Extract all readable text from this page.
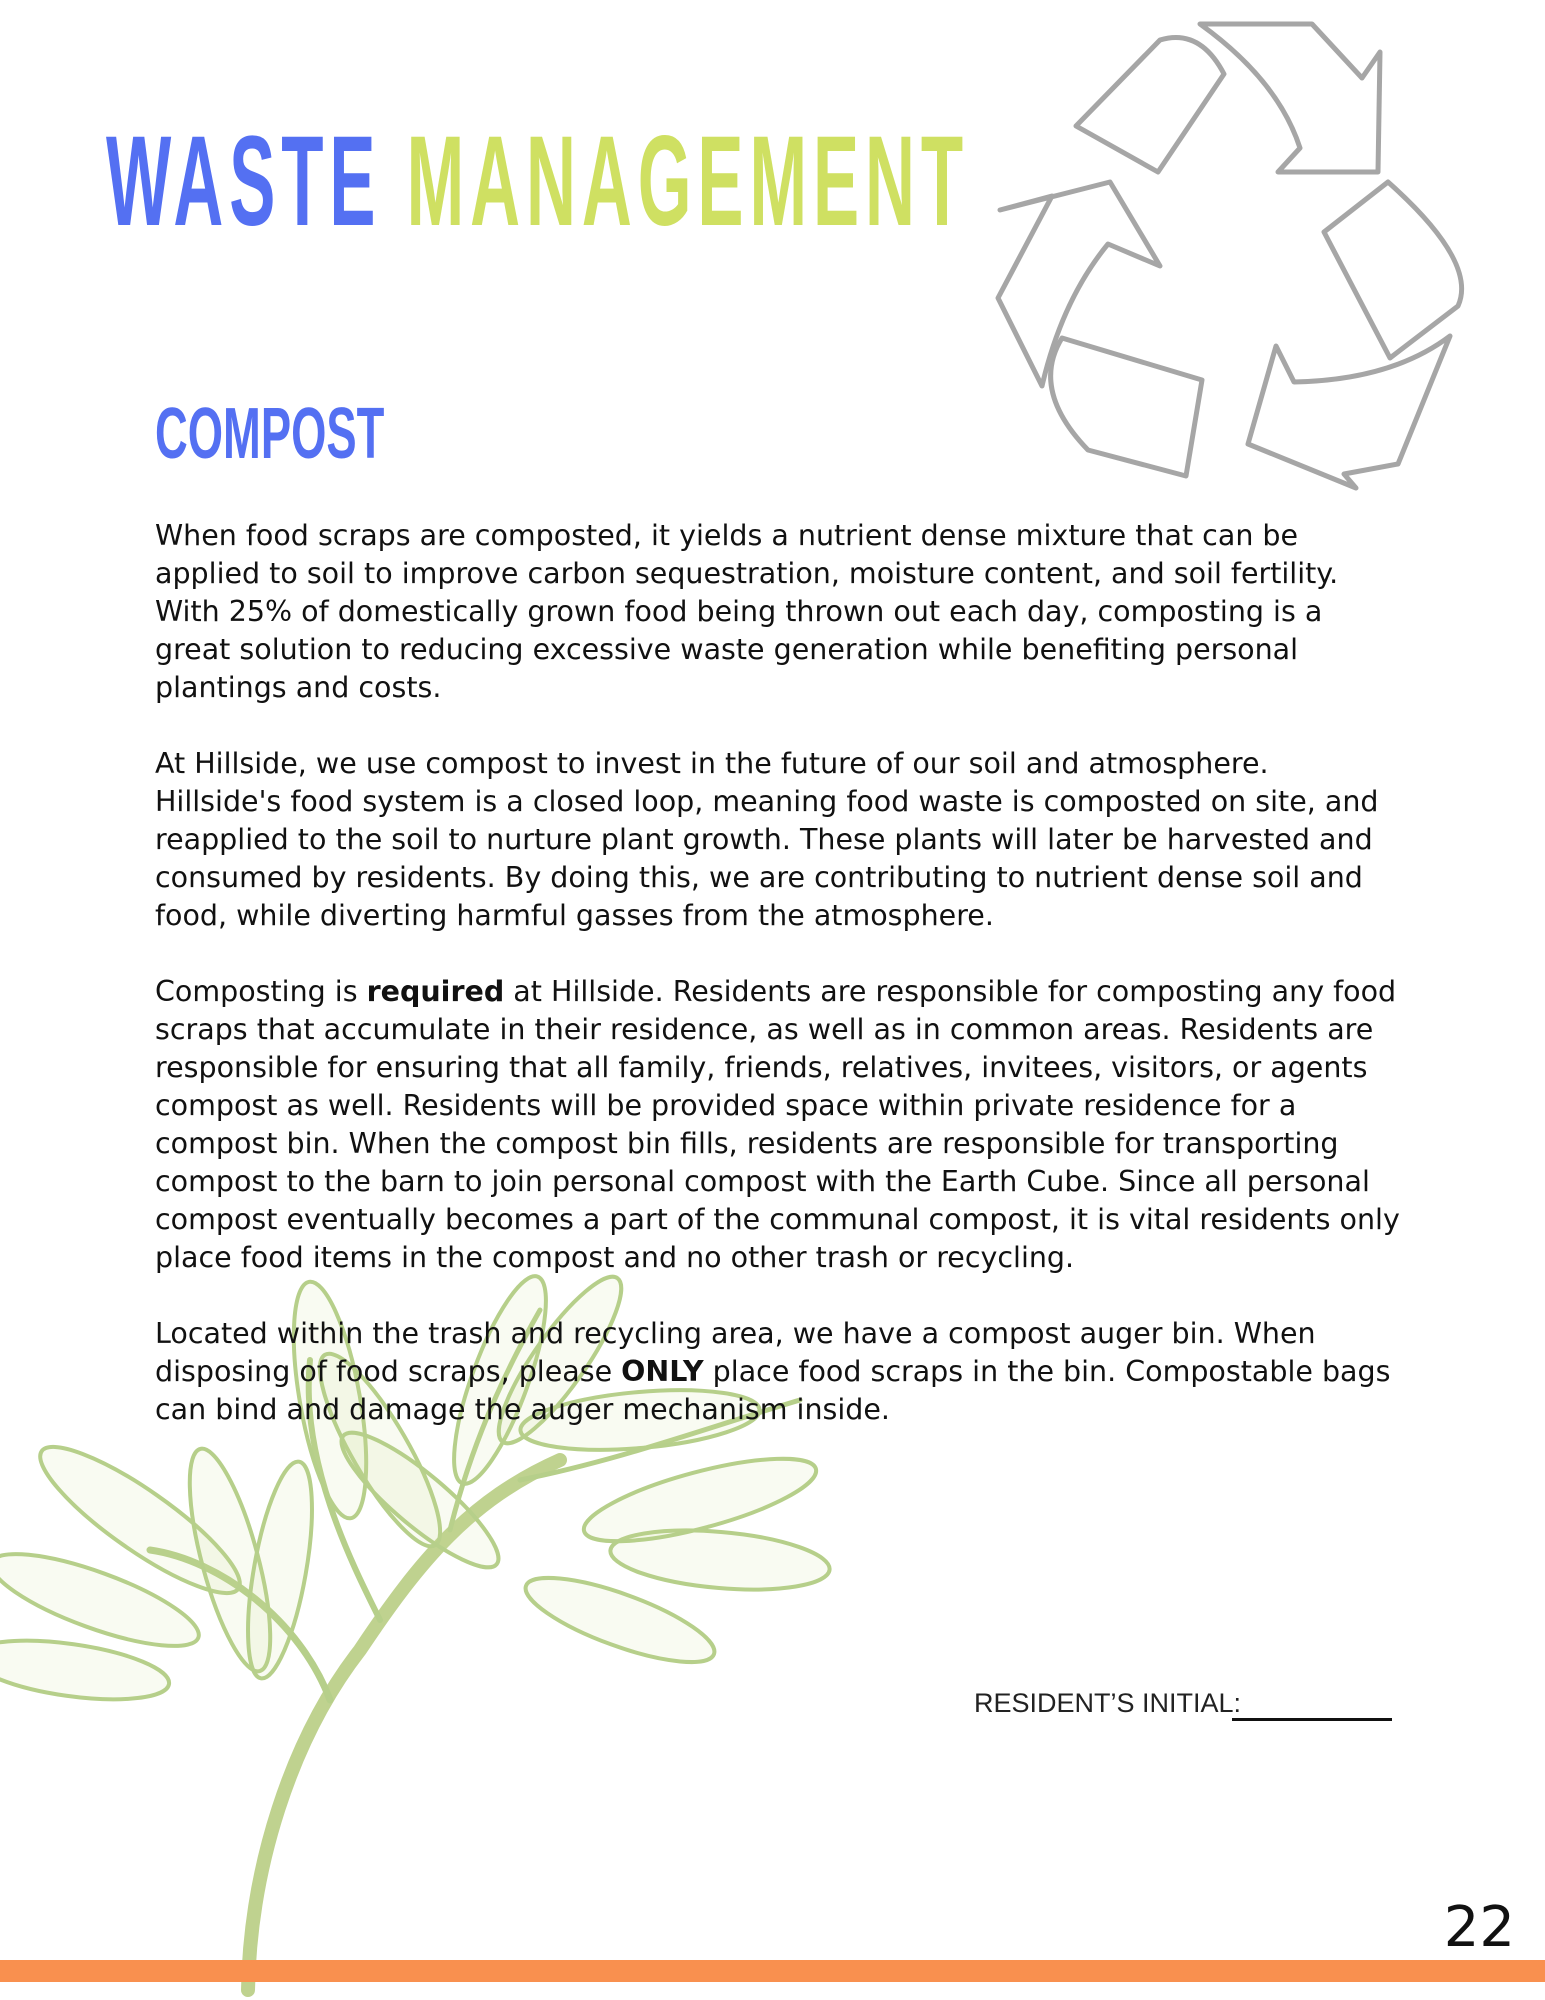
WASTE MANAGEMENT
COMPOST

When food scraps are composted, it yields a nutrient dense mixture that can be applied to soil to improve carbon sequestration, moisture content, and soil fertility. With 25% of domestically grown food being thrown out each day, composting is a great solution to reducing excessive waste generation while benefiting personal plantings and costs.

At Hillside, we use compost to invest in the future of our soil and atmosphere. Hillside's food system is a closed loop, meaning food waste is composted on site, and reapplied to the soil to nurture plant growth. These plants will later be harvested and consumed by residents. By doing this, we are contributing to nutrient dense soil and food, while diverting harmful gasses from the atmosphere.

Composting is required at Hillside. Residents are responsible for composting any food scraps that accumulate in their residence, as well as in common areas. Residents are responsible for ensuring that all family, friends, relatives, invitees, visitors, or agents compost as well. Residents will be provided space within private residence for a compost bin. When the compost bin fills, residents are responsible for transporting compost to the barn to join personal compost with the Earth Cube. Since all personal compost eventually becomes a part of the communal compost, it is vital residents only place food items in the compost and no other trash or recycling.

Located within the trash and recycling area, we have a compost auger bin. When disposing of food scraps, please ONLY place food scraps in the bin. Compostable bags can bind and damage the auger mechanism inside.

RESIDENT’S INITIAL:
22
